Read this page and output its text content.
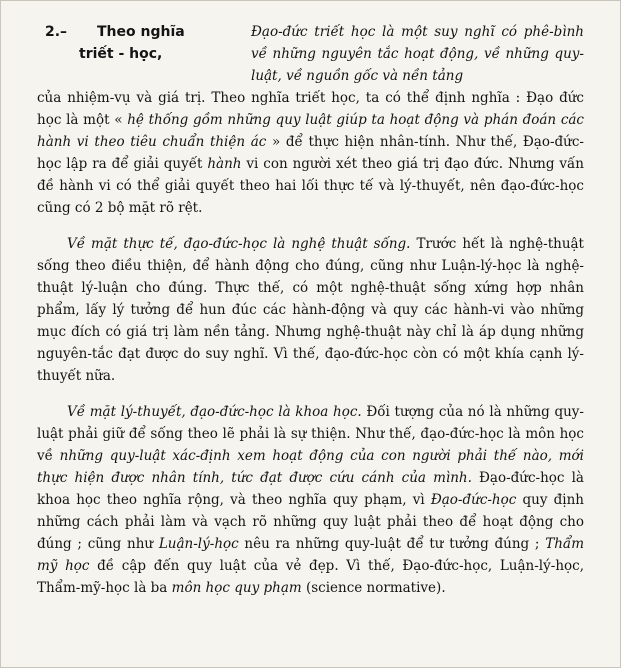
2.– Theo nghĩa
triết - học,
Đạo-đức triết học là một suy nghĩ có phê-bình về những nguyên tắc hoạt động, về những quy-luật, về nguồn gốc và nền tảng

của nhiệm-vụ và giá trị. Theo nghĩa triết học, ta có thể định nghĩa : Đạo đức học là một « hệ thống gồm những quy luật giúp ta hoạt động và phán đoán các hành vi theo tiêu chuẩn thiện ác » để thực hiện nhân-tính. Như thế, Đạo-đức-học lập ra để giải quyết hành vi con người xét theo giá trị đạo đức. Nhưng vấn đề hành vi có thể giải quyết theo hai lối thực tế và lý-thuyết, nên đạo-đức-học cũng có 2 bộ mặt rõ rệt.

Về mặt thực tế, đạo-đức-học là nghệ thuật sống. Trước hết là nghệ-thuật sống theo điều thiện, để hành động cho đúng, cũng như Luận-lý-học là nghệ-thuật lý-luận cho đúng. Thực thế, có một nghệ-thuật sống xứng hợp nhân phẩm, lấy lý tưởng để hun đúc các hành-động và quy các hành-vi vào những mục đích có giá trị làm nền tảng. Nhưng nghệ-thuật này chỉ là áp dụng những nguyên-tắc đạt được do suy nghĩ. Vì thế, đạo-đức-học còn có một khía cạnh lý-thuyết nữa.

Về mặt lý-thuyết, đạo-đức-học là khoa học. Đối tượng của nó là những quy-luật phải giữ để sống theo lẽ phải là sự thiện. Như thế, đạo-đức-học là môn học về những quy-luật xác-định xem hoạt động của con người phải thế nào, mới thực hiện được nhân tính, tức đạt được cứu cánh của mình. Đạo-đức-học là khoa học theo nghĩa rộng, và theo nghĩa quy phạm, vì Đạo-đức-học quy định những cách phải làm và vạch rõ những quy luật phải theo để hoạt động cho đúng ; cũng như Luận-lý-học nêu ra những quy-luật để tư tưởng đúng ; Thẩm mỹ học đề cập đến quy luật của vẻ đẹp. Vì thế, Đạo-đức-học, Luận-lý-học, Thẩm-mỹ-học là ba môn học quy phạm (science normative).
